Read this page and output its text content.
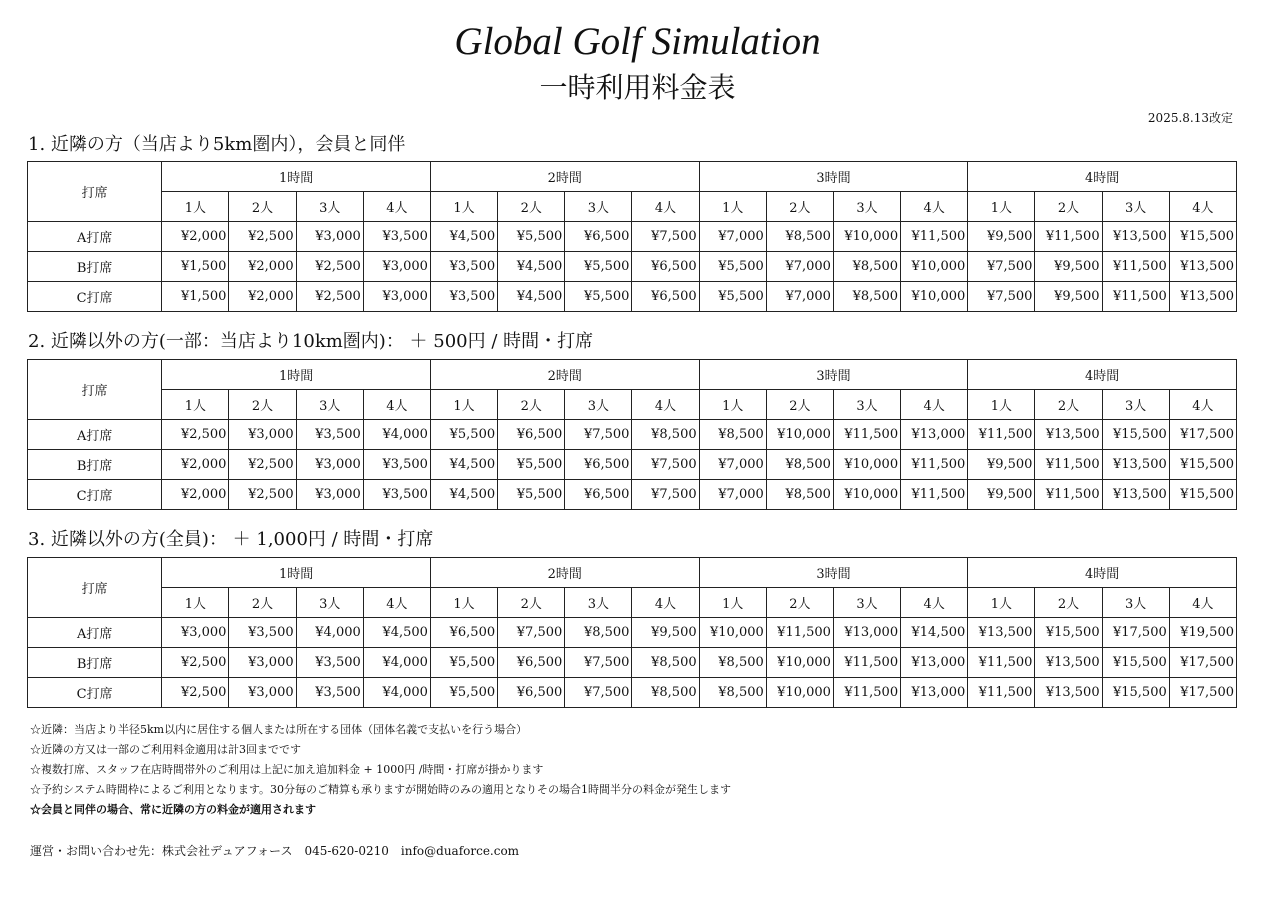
Global Golf Simulation
一時利用料金表
2025.8.13改定
1. 近隣の方（当店より5km圏内），会員と同伴
打席	1時間				2時間				3時間				4時間			
	1人	2人	3人	4人	1人	2人	3人	4人	1人	2人	3人	4人	1人	2人	3人	4人
A打席	¥2,000	¥2,500	¥3,000	¥3,500	¥4,500	¥5,500	¥6,500	¥7,500	¥7,000	¥8,500	¥10,000	¥11,500	¥9,500	¥11,500	¥13,500	¥15,500
B打席	¥1,500	¥2,000	¥2,500	¥3,000	¥3,500	¥4,500	¥5,500	¥6,500	¥5,500	¥7,000	¥8,500	¥10,000	¥7,500	¥9,500	¥11,500	¥13,500
C打席	¥1,500	¥2,000	¥2,500	¥3,000	¥3,500	¥4,500	¥5,500	¥6,500	¥5,500	¥7,000	¥8,500	¥10,000	¥7,500	¥9,500	¥11,500	¥13,500
2. 近隣以外の方(一部：当店より10km圏内)： ＋ 500円 / 時間・打席
打席	1時間				2時間				3時間				4時間			
	1人	2人	3人	4人	1人	2人	3人	4人	1人	2人	3人	4人	1人	2人	3人	4人
A打席	¥2,500	¥3,000	¥3,500	¥4,000	¥5,500	¥6,500	¥7,500	¥8,500	¥8,500	¥10,000	¥11,500	¥13,000	¥11,500	¥13,500	¥15,500	¥17,500
B打席	¥2,000	¥2,500	¥3,000	¥3,500	¥4,500	¥5,500	¥6,500	¥7,500	¥7,000	¥8,500	¥10,000	¥11,500	¥9,500	¥11,500	¥13,500	¥15,500
C打席	¥2,000	¥2,500	¥3,000	¥3,500	¥4,500	¥5,500	¥6,500	¥7,500	¥7,000	¥8,500	¥10,000	¥11,500	¥9,500	¥11,500	¥13,500	¥15,500
3. 近隣以外の方(全員)： ＋ 1,000円 / 時間・打席
打席	1時間				2時間				3時間				4時間			
	1人	2人	3人	4人	1人	2人	3人	4人	1人	2人	3人	4人	1人	2人	3人	4人
A打席	¥3,000	¥3,500	¥4,000	¥4,500	¥6,500	¥7,500	¥8,500	¥9,500	¥10,000	¥11,500	¥13,000	¥14,500	¥13,500	¥15,500	¥17,500	¥19,500
B打席	¥2,500	¥3,000	¥3,500	¥4,000	¥5,500	¥6,500	¥7,500	¥8,500	¥8,500	¥10,000	¥11,500	¥13,000	¥11,500	¥13,500	¥15,500	¥17,500
C打席	¥2,500	¥3,000	¥3,500	¥4,000	¥5,500	¥6,500	¥7,500	¥8,500	¥8,500	¥10,000	¥11,500	¥13,000	¥11,500	¥13,500	¥15,500	¥17,500
☆近隣：当店より半径5km以内に居住する個人または所在する団体（団体名義で支払いを行う場合）
☆近隣の方又は一部のご利用料金適用は計3回までです
☆複数打席、スタッフ在店時間帯外のご利用は上記に加え追加料金 + 1000円 /時間・打席が掛かります
☆予約システム時間枠によるご利用となります。30分毎のご精算も承りますが開始時のみの適用となりその場合1時間半分の料金が発生します
☆会員と同伴の場合、常に近隣の方の料金が適用されます
運営・お問い合わせ先：株式会社デュアフォース　045-620-0210　info@duaforce.com
